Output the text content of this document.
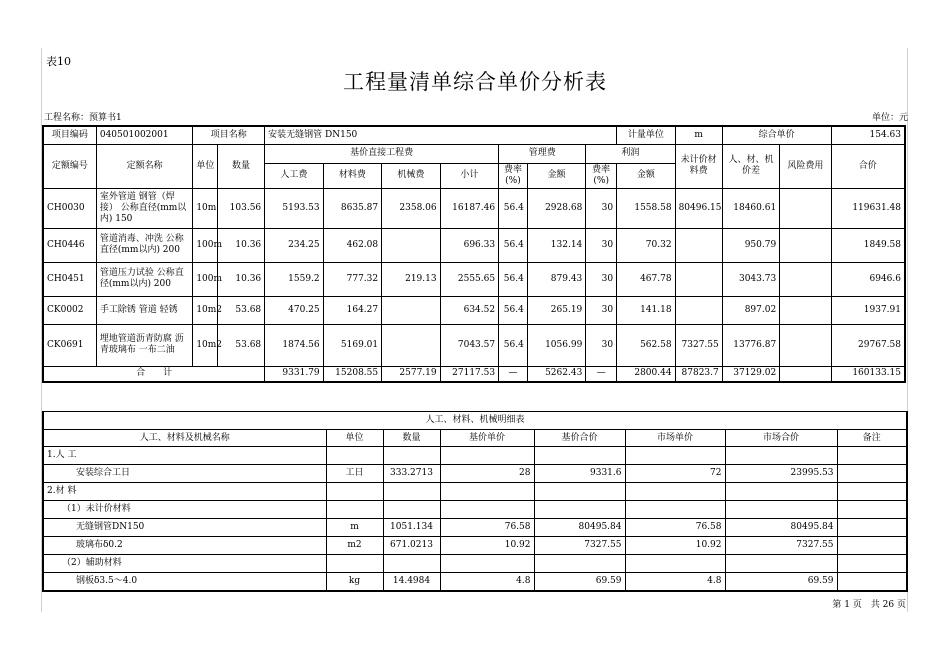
表10
工程量清单综合单价分析表
工程名称：预算书1	单位：元
项目编码	040501002001	项目名称		安装无缝钢管 DN150							计量单位	m	综合单价		154.63
定额编号	定额名称	单位	数量	基价直接工程费				管理费		利润		未计价材料费	人、材、机价差	风险费用	合价
				人工费	材料费	机械费	小计	费率(%)	金额	费率(%)	金额				
CH0030	室外管道 钢管（焊接） 公称直径(mm以内) 150	10m	103.56	5193.53	8635.87	2358.06	16187.46	56.4	2928.68	30	1558.58	80496.15	18460.61		119631.48
CH0446	管道消毒、冲洗 公称直径(mm以内) 200	100m	10.36	234.25	462.08		696.33	56.4	132.14	30	70.32		950.79		1849.58
CH0451	管道压力试验 公称直径(mm以内) 200	100m	10.36	1559.2	777.32	219.13	2555.65	56.4	879.43	30	467.78		3043.73		6946.6
CK0002	手工除锈 管道 轻锈	10m2	53.68	470.25	164.27		634.52	56.4	265.19	30	141.18		897.02		1937.91
CK0691	埋地管道沥青防腐 沥青玻璃布 一布二油	10m2	53.68	1874.56	5169.01		7043.57	56.4	1056.99	30	562.58	7327.55	13776.87		29767.58
合　　计				9331.79	15208.55	2577.19	27117.53	—	5262.43	—	2800.44	87823.7	37129.02		160133.15
人工、材料、机械明细表							
人工、材料及机械名称	单位	数量	基价单价	基价合价	市场单价	市场合价	备注
1.人 工							
安装综合工日	工日	333.2713	28	9331.6	72	23995.53	
2.材 料							
（1）未计价材料							
无缝钢管DN150	m	1051.134	76.58	80495.84	76.58	80495.84	
玻璃布δ0.2	m2	671.0213	10.92	7327.55	10.92	7327.55	
（2）辅助材料							
钢板δ3.5～4.0	kg	14.4984	4.8	69.59	4.8	69.59	
第 1 页　共 26 页
